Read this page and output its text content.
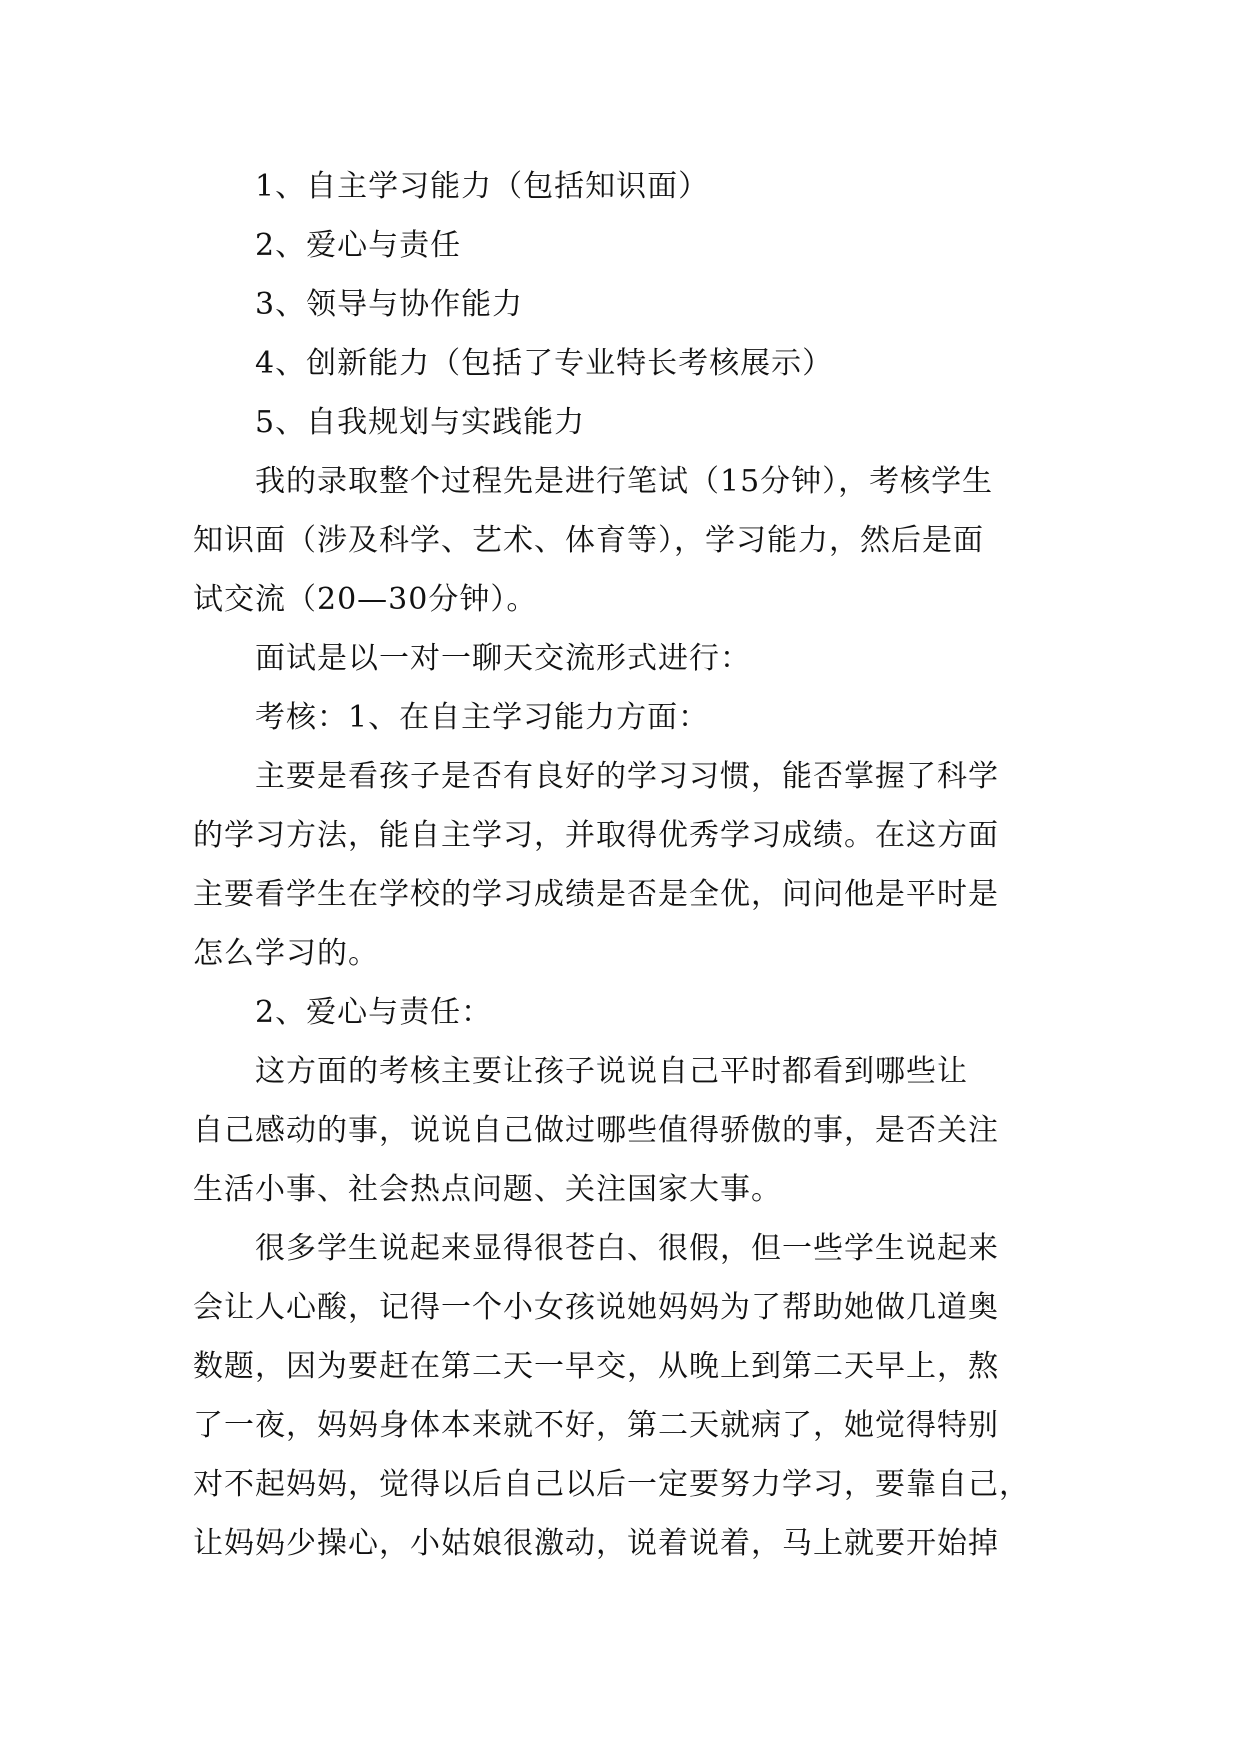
1、自主学习能力（包括知识面）

2、爱心与责任

3、领导与协作能力

4、创新能力（包括了专业特长考核展示）

5、自我规划与实践能力

我的录取整个过程先是进行笔试（15分钟），考核学生

知识面（涉及科学、艺术、体育等），学习能力，然后是面

试交流（20—30分钟）。

面试是以一对一聊天交流形式进行：

考核：1、在自主学习能力方面：

主要是看孩子是否有良好的学习习惯，能否掌握了科学

的学习方法，能自主学习，并取得优秀学习成绩。在这方面

主要看学生在学校的学习成绩是否是全优，问问他是平时是

怎么学习的。

2、爱心与责任：

这方面的考核主要让孩子说说自己平时都看到哪些让

自己感动的事，说说自己做过哪些值得骄傲的事，是否关注

生活小事、社会热点问题、关注国家大事。

很多学生说起来显得很苍白、很假，但一些学生说起来

会让人心酸，记得一个小女孩说她妈妈为了帮助她做几道奥

数题，因为要赶在第二天一早交，从晚上到第二天早上，熬

了一夜，妈妈身体本来就不好，第二天就病了，她觉得特别

对不起妈妈，觉得以后自己以后一定要努力学习，要靠自己，

让妈妈少操心，小姑娘很激动，说着说着，马上就要开始掉
